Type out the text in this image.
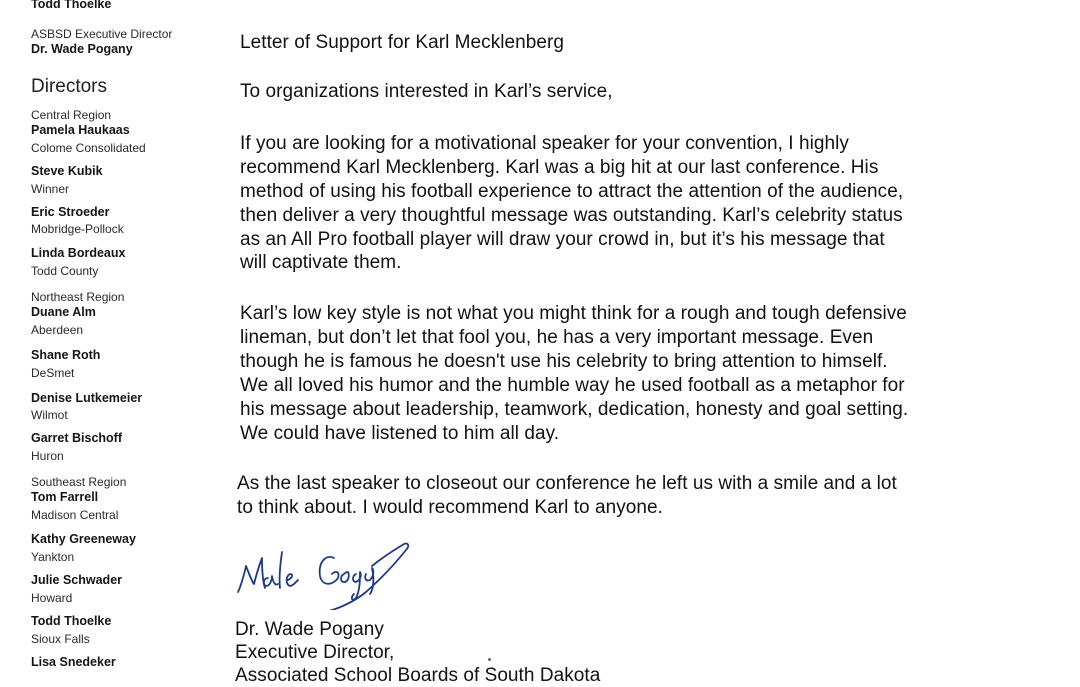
Todd Thoelke
ASBSD Executive Director
Dr. Wade Pogany
Directors
Central Region
Pamela Haukaas
Colome Consolidated
Steve Kubik
Winner
Eric Stroeder
Mobridge-Pollock
Linda Bordeaux
Todd County
Northeast Region
Duane Alm
Aberdeen
Shane Roth
DeSmet
Denise Lutkemeier
Wilmot
Garret Bischoff
Huron
Southeast Region
Tom Farrell
Madison Central
Kathy Greeneway
Yankton
Julie Schwader
Howard
Todd Thoelke
Sioux Falls
Lisa Snedeker
Letter of Support for Karl Mecklenberg
To organizations interested in Karl’s service,
If you are looking for a motivational speaker for your convention, I highly
recommend Karl Mecklenberg. Karl was a big hit at our last conference. His
method of using his football experience to attract the attention of the audience,
then deliver a very thoughtful message was outstanding. Karl’s celebrity status
as an All Pro football player will draw your crowd in, but it’s his message that
will captivate them.
Karl’s low key style is not what you might think for a rough and tough defensive
lineman, but don’t let that fool you, he has a very important message. Even
though he is famous he doesn't use his celebrity to bring attention to himself.
We all loved his humor and the humble way he used football as a metaphor for
his message about leadership, teamwork, dedication, honesty and goal setting.
We could have listened to him all day.
As the last speaker to closeout our conference he left us with a smile and a lot
to think about. I would recommend Karl to anyone.
Dr. Wade Pogany
Executive Director,
Associated School Boards of South Dakota
